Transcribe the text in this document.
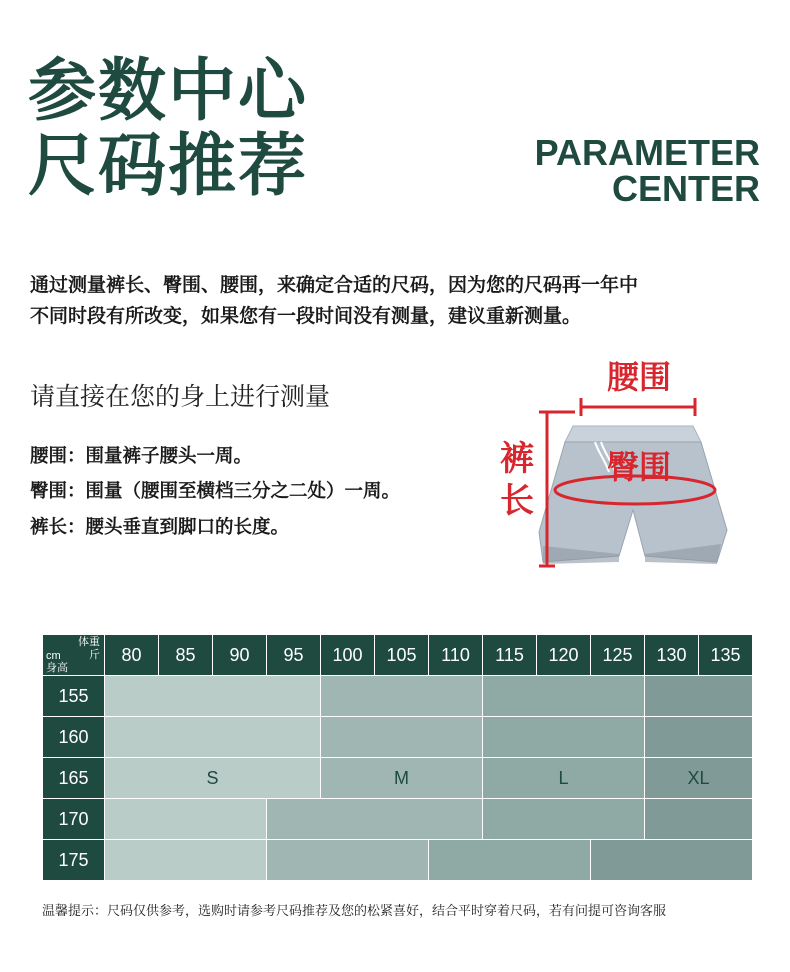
参数中心
尺码推荐	PARAMETER
CENTER
通过测量裤长、臀围、腰围，来确定合适的尺码，因为您的尺码再一年中
不同时段有所改变，如果您有一段时间没有测量，建议重新测量。
请直接在您的身上进行测量
腰围：围量裤子腰头一周。
臀围：围量（腰围至横档三分之二处）一周。
裤长：腰头垂直到脚口的长度。
腰围
臀围
裤
长
体重
斤
cm
身高	80	85	90	95	100	105	110	115	120	125	130	135
155												
160												
165	S				M			L			XL	
170												
175												
温馨提示：尺码仅供参考，选购时请参考尺码推荐及您的松紧喜好，结合平时穿着尺码，若有问提可咨询客服
